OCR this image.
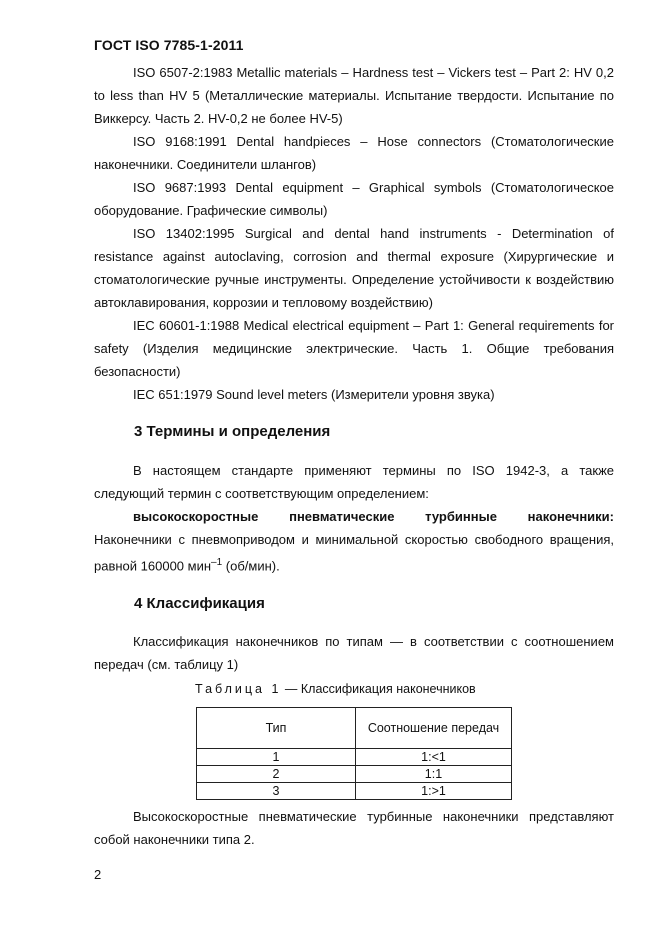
ГОСТ ISO 7785-1-2011
ISO 6507-2:1983 Metallic materials – Hardness test – Vickers test – Part 2: HV 0,2 to less than HV 5 (Металлические материалы. Испытание твердости. Испытание по Виккерсу. Часть 2. HV-0,2 не более HV-5)
ISO 9168:1991 Dental handpieces – Hose connectors (Стоматологические наконечники. Соединители шлангов)
ISO 9687:1993 Dental equipment – Graphical symbols (Стоматологическое оборудование. Графические символы)
ISO 13402:1995 Surgical and dental hand instruments - Determination of resistance against autoclaving, corrosion and thermal exposure (Хирургические и стоматологические ручные инструменты. Определение устойчивости к воздействию автоклавирования, коррозии и тепловому воздействию)
IEC 60601-1:1988 Medical electrical equipment – Part 1: General requirements for safety (Изделия медицинские электрические. Часть 1. Общие требования безопасности)
IEC 651:1979 Sound level meters (Измерители уровня звука)
3 Термины и определения
В настоящем стандарте применяют термины по ISO 1942-3, а также следующий термин с соответствующим определением:
высокоскоростные пневматические турбинные наконечники:
Наконечники с пневмоприводом и минимальной скоростью свободного вращения, равной 160000 мин$^{-1}$ (об/мин).
4 Классификация
Классификация наконечников по типам — в соответствии с соотношением передач (см. таблицу 1)
Таблица 1 — Классификация наконечников
Тип	Соотношение передач
1	1:<1
2	1:1
3	1:>1
Высокоскоростные пневматические турбинные наконечники представляют собой наконечники типа 2.
2
